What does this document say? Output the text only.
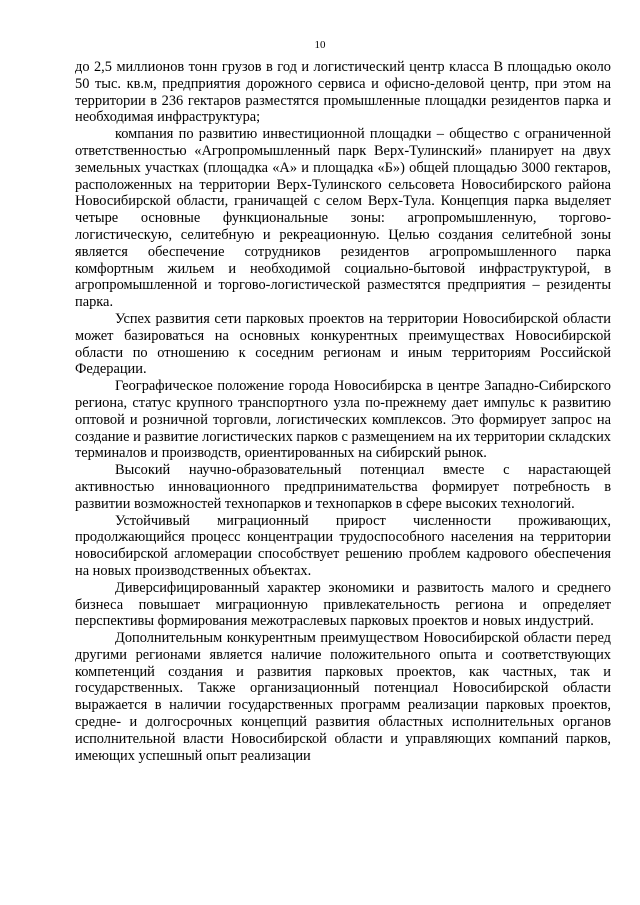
10

до 2,5 миллионов тонн грузов в год и логистический центр класса В площадью около 50 тыс. кв.м, предприятия дорожного сервиса и офисно-деловой центр, при этом на территории в 236 гектаров разместятся промышленные площадки резидентов парка и необходимая инфраструктура;

компания по развитию инвестиционной площадки – общество с ограниченной ответственностью «Агропромышленный парк Верх-Тулинский» планирует на двух земельных участках (площадка «А» и площадка «Б») общей площадью 3000 гектаров, расположенных на территории Верх-Тулинского сельсовета Новосибирского района Новосибирской области, граничащей с селом Верх-Тула. Концепция парка выделяет четыре основные функциональные зоны: агропромышленную, торгово-логистическую, селитебную и рекреационную. Целью создания селитебной зоны является обеспечение сотрудников резидентов агропромышленного парка комфортным жильем и необходимой социально-бытовой инфраструктурой, в агропромышленной и торгово-логистической разместятся предприятия – резиденты парка.

Успех развития сети парковых проектов на территории Новосибирской области может базироваться на основных конкурентных преимуществах Новосибирской области по отношению к соседним регионам и иным территориям Российской Федерации.

Географическое положение города Новосибирска в центре Западно-Сибирского региона, статус крупного транспортного узла по-прежнему дает импульс к развитию оптовой и розничной торговли, логистических комплексов. Это формирует запрос на создание и развитие логистических парков с размещением на их территории складских терминалов и производств, ориентированных на сибирский рынок.

Высокий научно-образовательный потенциал вместе с нарастающей активностью инновационного предпринимательства формирует потребность в развитии возможностей технопарков и технопарков в сфере высоких технологий.

Устойчивый миграционный прирост численности проживающих, продолжающийся процесс концентрации трудоспособного населения на территории новосибирской агломерации способствует решению проблем кадрового обеспечения на новых производственных объектах.

Диверсифицированный характер экономики и развитость малого и среднего бизнеса повышает миграционную привлекательность региона и определяет перспективы формирования межотраслевых парковых проектов и новых индустрий.

Дополнительным конкурентным преимуществом Новосибирской области перед другими регионами является наличие положительного опыта и соответствующих компетенций создания и развития парковых проектов, как частных, так и государственных. Также организационный потенциал Новосибирской области выражается в наличии государственных программ реализации парковых проектов, средне- и долгосрочных концепций развития областных исполнительных органов исполнительной власти Новосибирской области и управляющих компаний парков, имеющих успешный опыт реализации
